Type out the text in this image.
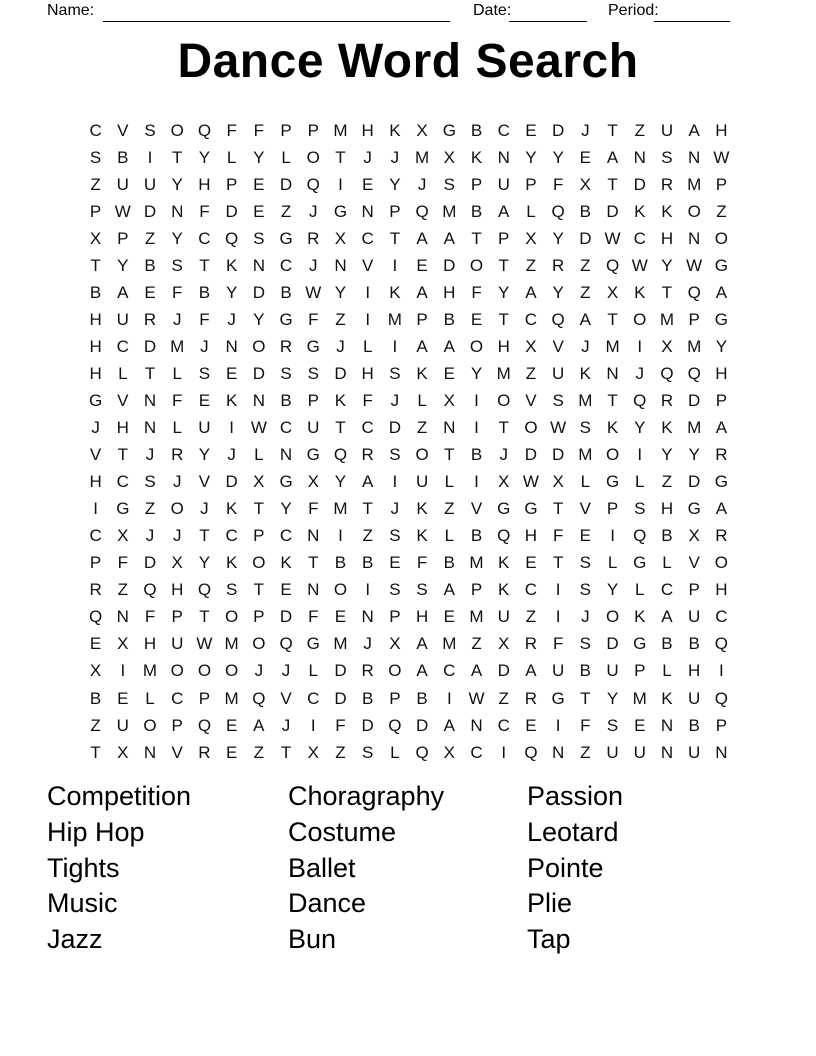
Name:	Date:	Period:
Dance Word Search
C V S O Q F F P P M H K X G B C E D J	T Z U A H
S B	I	T Y L Y L O T	J	J M X K N Y Y E A N S N W
Z U U Y H P E D Q	I	E Y	J	S P U P F X T D R M P
P W D N F D E Z	J G N P Q M B A L Q B D K K O Z
X P Z Y C Q S G R X C T A A T P X Y D W C H N O
T Y B S T K N C J N V	I	E D O T Z R Z Q W Y W G
B A E F B Y D B W Y	I	K A H F Y A Y Z X K T Q A
H U R J	F	J	Y G F Z	I	M P B E T C Q A T O M P G
H C D M J N O R G J	L	I	A A O H X V	J M	I	X M Y
H L	T	L S E D S S D H S K E Y M Z U K N J Q Q H
G V N F E K N B P K F	J	L X	I	O V S M T Q R D P
J H N L U	I W C U T C D Z N	I	T O W S K Y K M A
V T	J R Y	J	L N G Q R S O T B	J D D M O	I	Y Y R
H C S	J	V D X G X Y A	I	U L	I	X W X L G L	Z D G
I	G Z O J	K T Y F M T	J	K Z V G G T V P S H G A
C X	J	J	T C P C N	I	Z S K L B Q H F E	I	Q B X R
P F D X Y K O K T B B E F B M K E T S L G L V O
R Z Q H Q S T E N O	I	S S A P K C	I	S Y L C P H
Q N F P T O P D F E N P H E M U Z	I	J O K A U C
E X H U W M O Q G M J	X A M Z X R F S D G B B Q
X	I	M O O O J	J	L D R O A C A D A U B U P L H	I
B E L C P M Q V C D B P B	I W Z R G T Y M K U Q
Z U O P Q E A	J	I	F D Q D A N C E	I	F S E N B P
T X N V R E Z T X Z S L Q X C	I	Q N Z U U N U N
Competition
Hip Hop
Tights
Music
Jazz
Choragraphy
Costume
Ballet
Dance
Bun
Passion
Leotard
Pointe
Plie
Tap
